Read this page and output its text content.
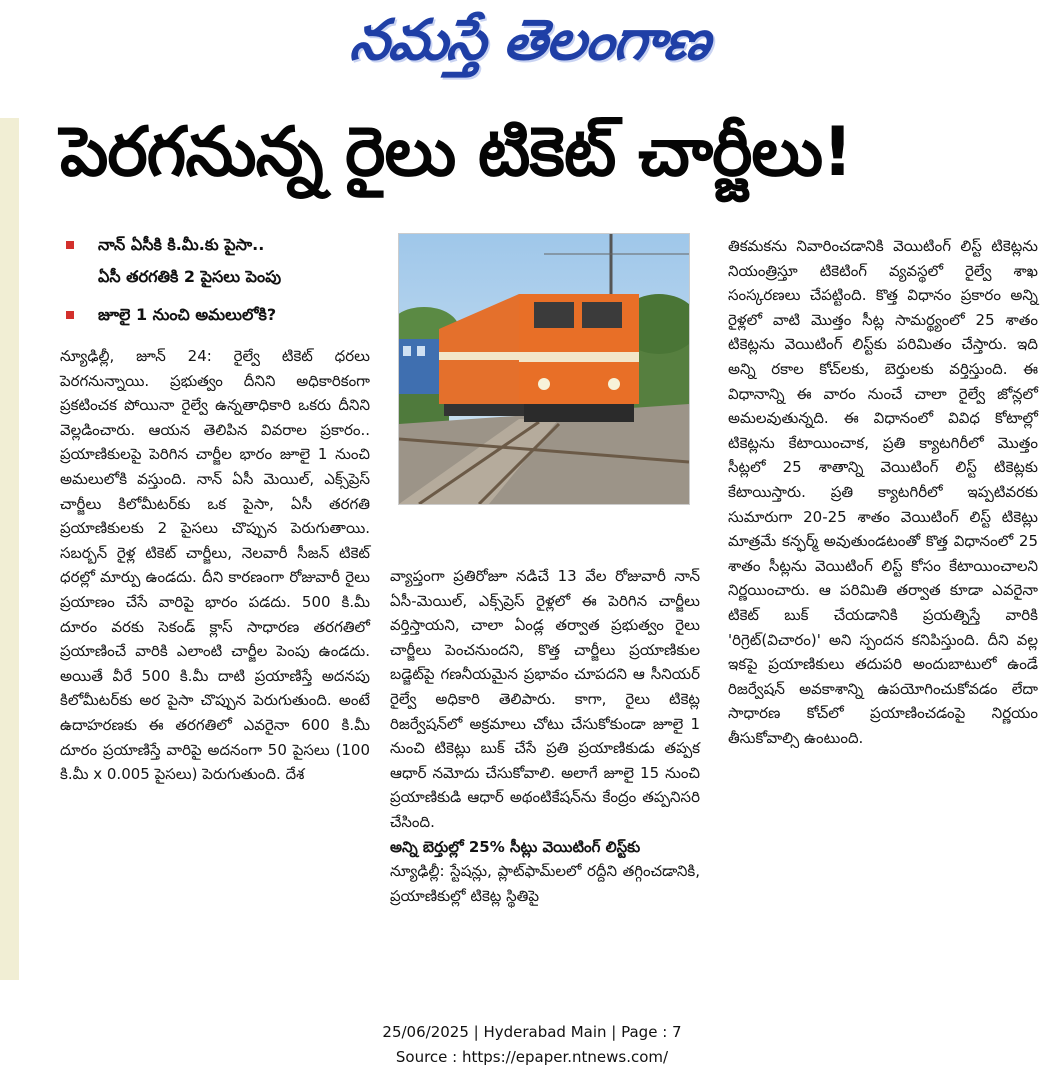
నమస్తే తెలంగాణ
పెరగనున్న రైలు టికెట్ చార్జీలు!
నాన్ ఏసీకి కి.మీ.కు పైసా..
ఏసీ తరగతికి 2 పైసలు పెంపు
జూలై 1 నుంచి అమలులోకి?

న్యూఢిల్లీ, జూన్ 24: రైల్వే టికెట్ ధరలు పెరగనున్నాయి. ప్రభుత్వం దీనిని అధికారికంగా ప్రకటించక పోయినా రైల్వే ఉన్నతాధికారి ఒకరు దీనిని వెల్లడించారు. ఆయన తెలిపిన వివరాల ప్రకారం.. ప్రయాణికులపై పెరిగిన చార్జీల భారం జూలై 1 నుంచి అమలులోకి వస్తుంది. నాన్ ఏసీ మెయిల్, ఎక్స్‌ప్రెస్ చార్జీలు కిలోమీటర్‌కు ఒక పైసా, ఏసీ తరగతి ప్రయాణికులకు 2 పైసలు చొప్పున పెరుగుతాయి. సబర్బన్ రైళ్ల టికెట్ చార్జీలు, నెలవారీ సీజన్ టికెట్ ధరల్లో మార్పు ఉండదు. దీని కారణంగా రోజువారీ రైలు ప్రయాణం చేసే వారిపై భారం పడదు. 500 కి.మీ దూరం వరకు సెకండ్ క్లాస్ సాధారణ తరగతిలో ప్రయాణించే వారికి ఎలాంటి చార్జీల పెంపు ఉండదు. అయితే వీరే 500 కి.మీ దాటి ప్రయాణిస్తే అదనపు కిలోమీటర్‌కు అర పైసా చొప్పున పెరుగుతుంది. అంటే ఉదాహరణకు ఈ తరగతిలో ఎవరైనా 600 కి.మీ దూరం ప్రయాణిస్తే వారిపై అదనంగా 50 పైసలు (100 కి.మీ x 0.005 పైసలు) పెరుగుతుంది. దేశ

వ్యాప్తంగా ప్రతిరోజూ నడిచే 13 వేల రోజువారీ నాన్ ఏసీ-మెయిల్, ఎక్స్‌ప్రెస్ రైళ్లలో ఈ పెరిగిన చార్జీలు వర్తిస్తాయని, చాలా ఏండ్ల తర్వాత ప్రభుత్వం రైలు చార్జీలు పెంచనుందని, కొత్త చార్జీలు ప్రయాణికుల బడ్జెట్‌పై గణనీయమైన ప్రభావం చూపదని ఆ సీనియర్ రైల్వే అధికారి తెలిపారు. కాగా, రైలు టికెట్ల రిజర్వేషన్‌లో అక్రమాలు చోటు చేసుకోకుండా జూలై 1 నుంచి టికెట్లు బుక్ చేసే ప్రతి ప్రయాణికుడు తప్పక ఆధార్ నమోదు చేసుకోవాలి. అలాగే జూలై 15 నుంచి ప్రయాణికుడి ఆధార్ అథంటికేషన్‌ను కేంద్రం తప్పనిసరి చేసింది.

అన్ని బెర్తుల్లో 25% సీట్లు వెయిటింగ్ లిస్ట్‌కు

న్యూఢిల్లీ: స్టేషన్లు, ప్లాట్‌ఫామ్‌లలో రద్దీని తగ్గించడానికి, ప్రయాణికుల్లో టికెట్ల స్థితిపై

తికమకను నివారించడానికి వెయిటింగ్ లిస్ట్ టికెట్లను నియంత్రిస్తూ టికెటింగ్ వ్యవస్థలో రైల్వే శాఖ సంస్కరణలు చేపట్టింది. కొత్త విధానం ప్రకారం అన్ని రైళ్లలో వాటి మొత్తం సీట్ల సామర్థ్యంలో 25 శాతం టికెట్లను వెయిటింగ్ లిస్ట్‌కు పరిమితం చేస్తారు. ఇది అన్ని రకాల కోచ్‌లకు, బెర్తులకు వర్తిస్తుంది. ఈ విధానాన్ని ఈ వారం నుంచే చాలా రైల్వే జోన్లలో అమలవుతున్నది. ఈ విధానంలో వివిధ కోటాల్లో టికెట్లను కేటాయించాక, ప్రతి క్యాటగిరీలో మొత్తం సీట్లలో 25 శాతాన్ని వెయిటింగ్ లిస్ట్ టికెట్లకు కేటాయిస్తారు. ప్రతి క్యాటగిరీలో ఇప్పటివరకు సుమారుగా 20-25 శాతం వెయిటింగ్ లిస్ట్ టికెట్లు మాత్రమే కన్ఫర్మ్ అవుతుండటంతో కొత్త విధానంలో 25 శాతం సీట్లను వెయిటింగ్ లిస్ట్ కోసం కేటాయించాలని నిర్ణయించారు. ఆ పరిమితి తర్వాత కూడా ఎవరైనా టికెట్ బుక్ చేయడానికి ప్రయత్నిస్తే వారికి 'రిగ్రెట్(విచారం)' అని స్పందన కనిపిస్తుంది. దీని వల్ల ఇకపై ప్రయాణికులు తదుపరి అందుబాటులో ఉండే రిజర్వేషన్ అవకాశాన్ని ఉపయోగించుకోవడం లేదా సాధారణ కోచ్‌లో ప్రయాణించడంపై నిర్ణయం తీసుకోవాల్సి ఉంటుంది.

25/06/2025 | Hyderabad Main | Page : 7
Source : https://epaper.ntnews.com/
